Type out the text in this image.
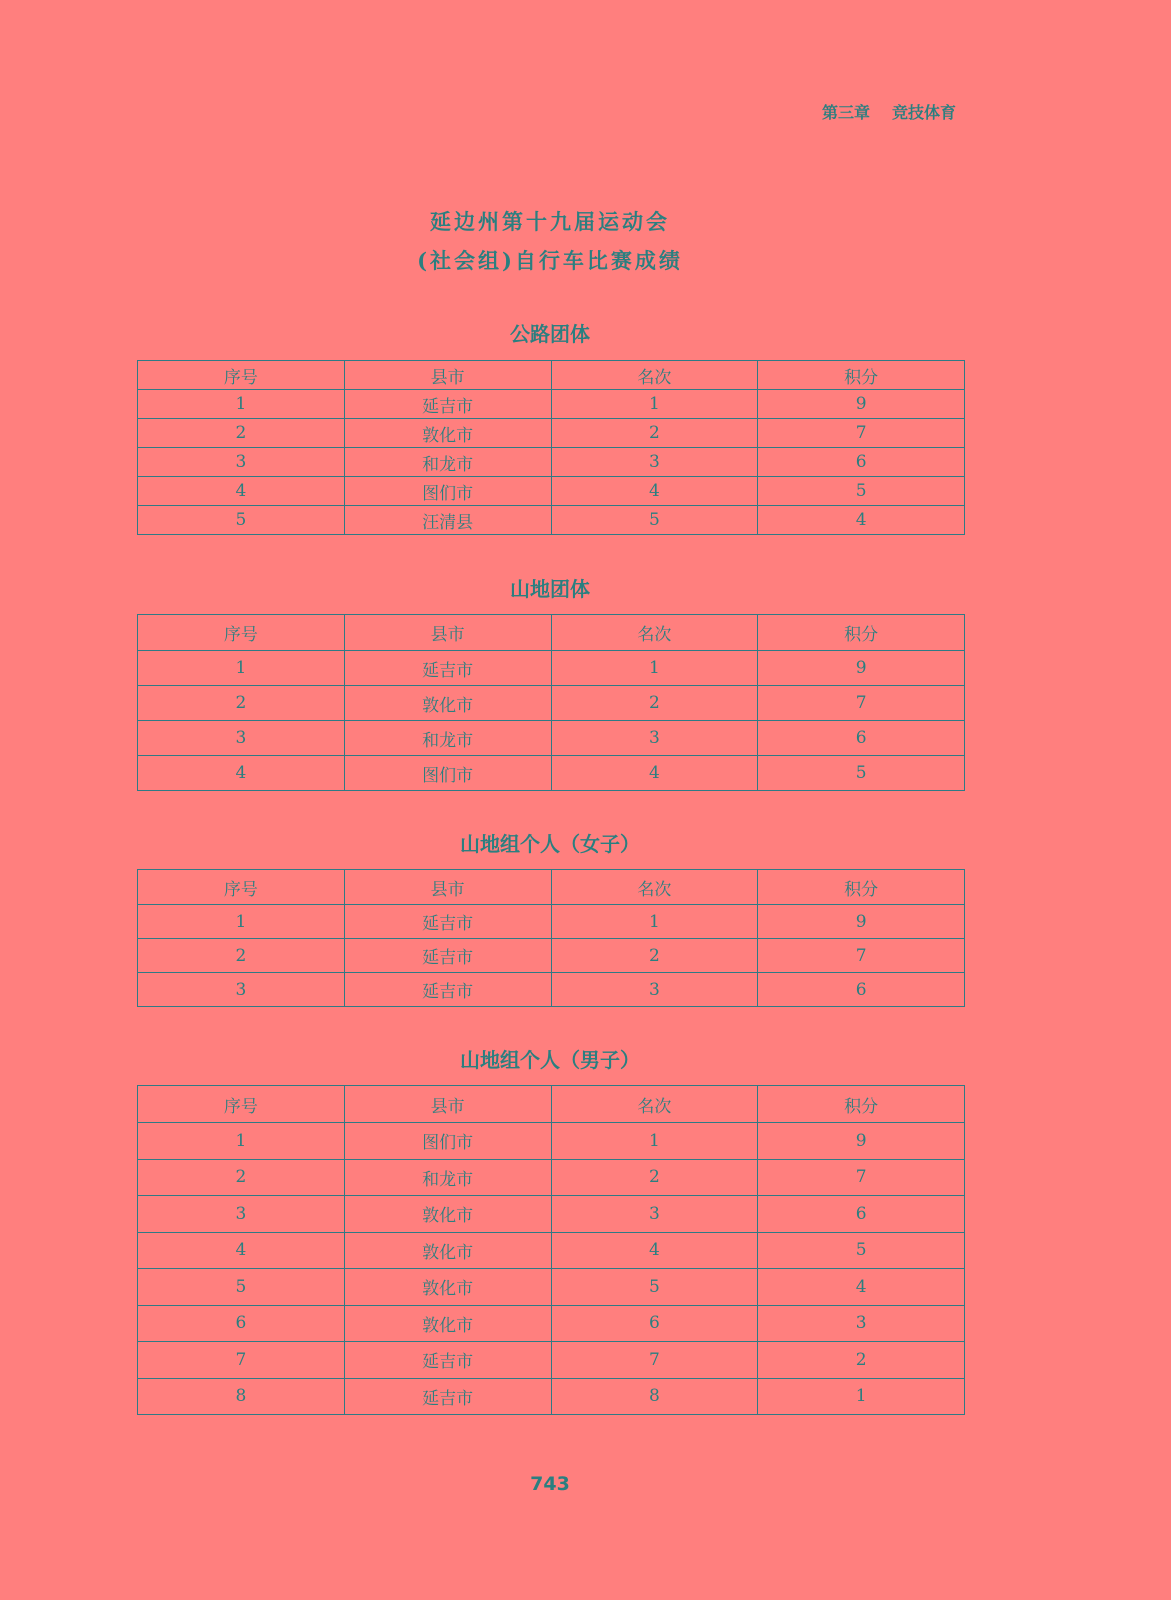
第三章 竞技体育
延边州第十九届运动会
(社会组)自行车比赛成绩
公路团体
序号	县市	名次	积分
1	延吉市	1	9
2	敦化市	2	7
3	和龙市	3	6
4	图们市	4	5
5	汪清县	5	4
山地团体
序号	县市	名次	积分
1	延吉市	1	9
2	敦化市	2	7
3	和龙市	3	6
4	图们市	4	5
山地组个人（女子）
序号	县市	名次	积分
1	延吉市	1	9
2	延吉市	2	7
3	延吉市	3	6
山地组个人（男子）
序号	县市	名次	积分
1	图们市	1	9
2	和龙市	2	7
3	敦化市	3	6
4	敦化市	4	5
5	敦化市	5	4
6	敦化市	6	3
7	延吉市	7	2
8	延吉市	8	1
743
